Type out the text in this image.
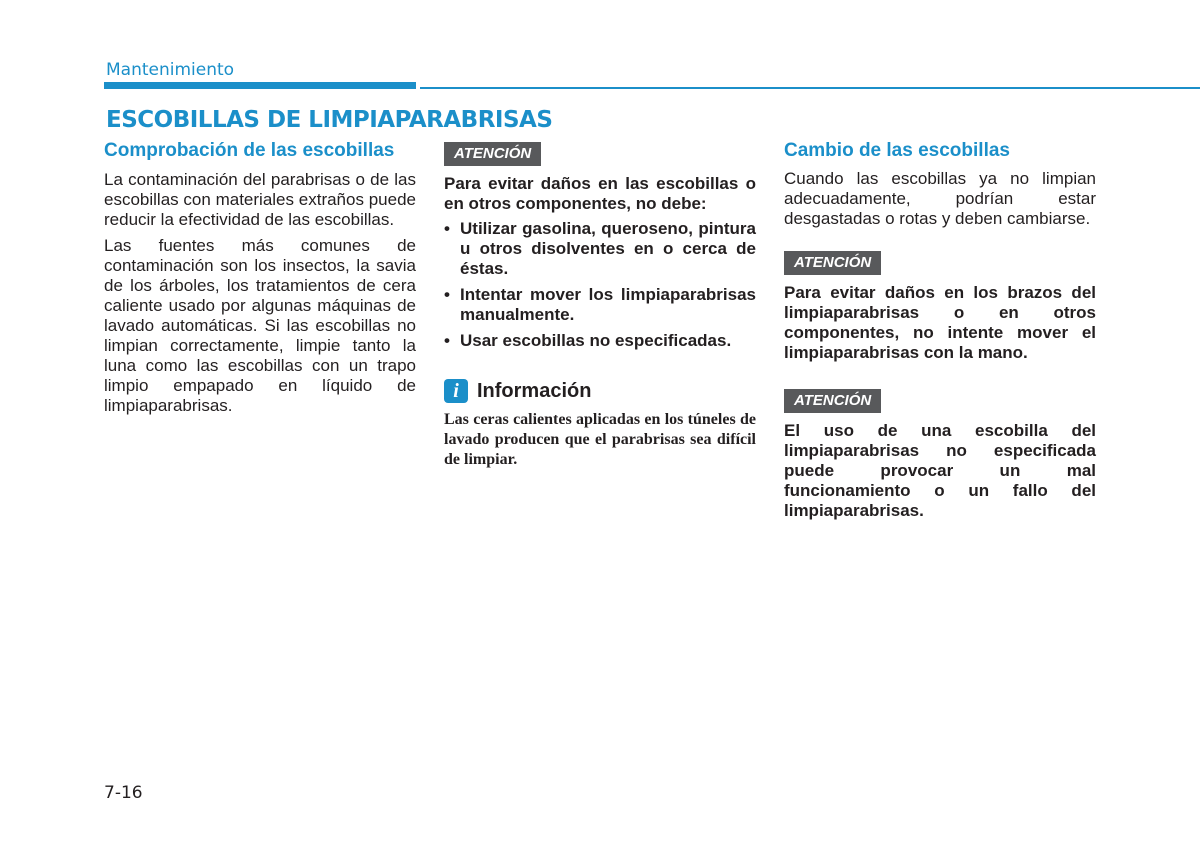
Mantenimiento
ESCOBILLAS DE LIMPIAPARABRISAS
Comprobación de las escobillas

La contaminación del parabrisas o de las escobillas con materiales extraños puede reducir la efectividad de las escobillas.

Las fuentes más comunes de contaminación son los insectos, la savia de los árboles, los tratamientos de cera caliente usado por algunas máquinas de lavado automáticas. Si las escobillas no limpian correctamente, limpie tanto la luna como las escobillas con un trapo limpio empapado en líquido de limpiaparabrisas.

ATENCIÓN

Para evitar daños en las escobillas o en otros componentes, no debe:

• Utilizar gasolina, queroseno, pintura u otros disolventes en o cerca de éstas.
• Intentar mover los limpiaparabrisas manualmente.
• Usar escobillas no especificadas.
i Información

Las ceras calientes aplicadas en los túneles de lavado producen que el parabrisas sea difícil de limpiar.

Cambio de las escobillas

Cuando las escobillas ya no limpian adecuadamente, podrían estar desgastadas o rotas y deben cambiarse.

ATENCIÓN

Para evitar daños en los brazos del limpiaparabrisas o en otros componentes, no intente mover el limpiaparabrisas con la mano.

ATENCIÓN

El uso de una escobilla del limpiaparabrisas no especificada puede provocar un mal funcionamiento o un fallo del limpiaparabrisas.

7-16
